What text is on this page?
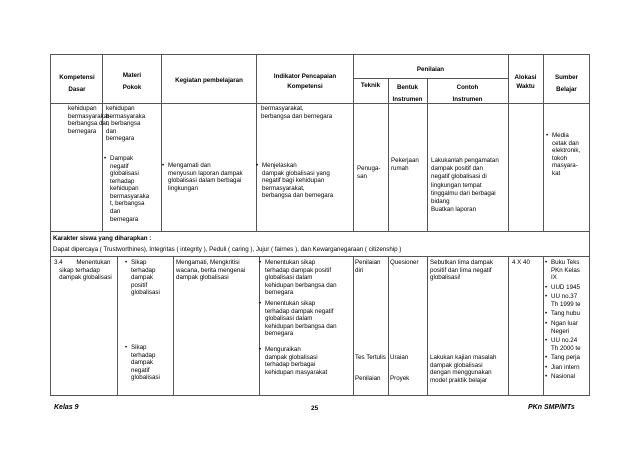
Kompetensi
Dasar
Materi
Pokok
Kegiatan pembelajaran
Indikator Pencapaian
Kompetensi
Penilaian
Teknik	Bentuk
Instrumen
Contoh
Instrumen
Alokasi
Waktu
Sumber
Belajar
kehidupan
bermasyarakat
berbangsa dan
bernegara
kehidupan
bermasyaraka
t, berbangsa
dan
bernegara
• Dampak
negatif
globalisasi
terhadap
kehidupan
bermasyaraka
t, berbangsa
dan
bernegara
• Mengamati dan
menyusun laporan dampak
globalisasi dalam berbagai
lingkungan
bermasyarakat,
berbangsa dan bernegara
• Menjelaskan
dampak globalisasi yang
negatif bagi kehidupan
bermasyarakat,
berbangsa dan bernegara
Penuga-
san
Pekerjaan
rumah
Lakukanlah pengamatan
dampak positif dan
negatif globalisasi di
lingkungan tempat
tinggalmu dari berbagai
bidang
Buatkan laporan
• Media
cetak dan
elektronik,
tokoh
masyara-
kat
Karakter siswa yang diharapkan :
Dapat dipercaya ( Trustworthines), Integritas ( integrity ), Peduli ( caring ), Jujur ( fairnes ), dan Kewarganegaraan ( citizenship )
3.4        Menentukan
sikap terhadap
dampak globalisasi
• Sikap
terhadap
dampak
positif
globalisasi
• Sikap
terhadap
dampak
negatif
globalisasi
Mengamati, Mengkritisi
wacana, berita mengenai
dampak globalisasi
• Menentukan sikap
terhadap dampak positif
globalisasi dalam
kehidupan berbangsa dan
bernegara
• Menentukan sikap
terhadap dampak negatif
globalisasi dalam
kehidupan berbangsa dan
bernegara
• Menguraikan
dampak globalisasi
terhadap berbagai
kehidupan masyarakat
Penilaian
diri
Tes Tertulis
Penilaian
Quesioner
Uraian
Proyek
Sebutkan lima dampak
positif dan lima negatif
globalisasi!
Lakukan kajian masalah
dampak globalisasi
dengan menggunakan
model praktik belajar
4 X 40
•	Buku Teks
PKn Kelas
IX
• UUD 1945
• UU no.37
Th 1999 te
• Tang hubu
• Ngan luar
Negeri
• UU no.24
Th 2000 te
• Tang perja
• Jian intern
• Nasional
Kelas 9	25	PKn SMP/MTs
